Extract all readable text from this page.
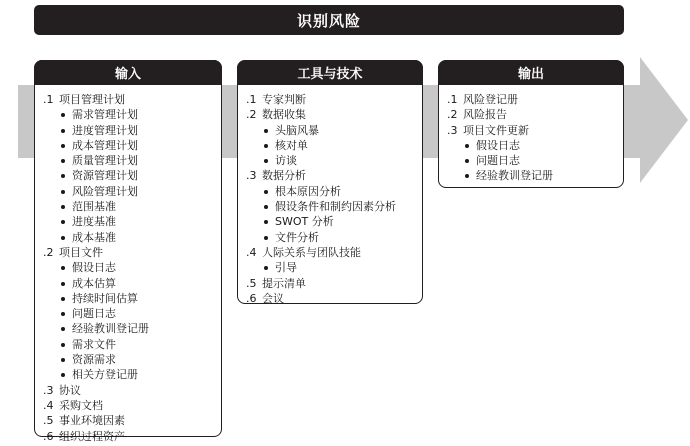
识别风险
输入
.1 项目管理计划
需求管理计划
进度管理计划
成本管理计划
质量管理计划
资源管理计划
风险管理计划
范围基准
进度基准
成本基准
.2 项目文件
假设日志
成本估算
持续时间估算
问题日志
经验教训登记册
需求文件
资源需求
相关方登记册
.3 协议
.4 采购文档
.5 事业环境因素
.6 组织过程资产
工具与技术
.1 专家判断
.2 数据收集
头脑风暴
核对单
访谈
.3 数据分析
根本原因分析
假设条件和制约因素分析
SWOT 分析
文件分析
.4 人际关系与团队技能
引导
.5 提示清单
.6 会议
输出
.1 风险登记册
.2 风险报告
.3 项目文件更新
假设日志
问题日志
经验教训登记册
